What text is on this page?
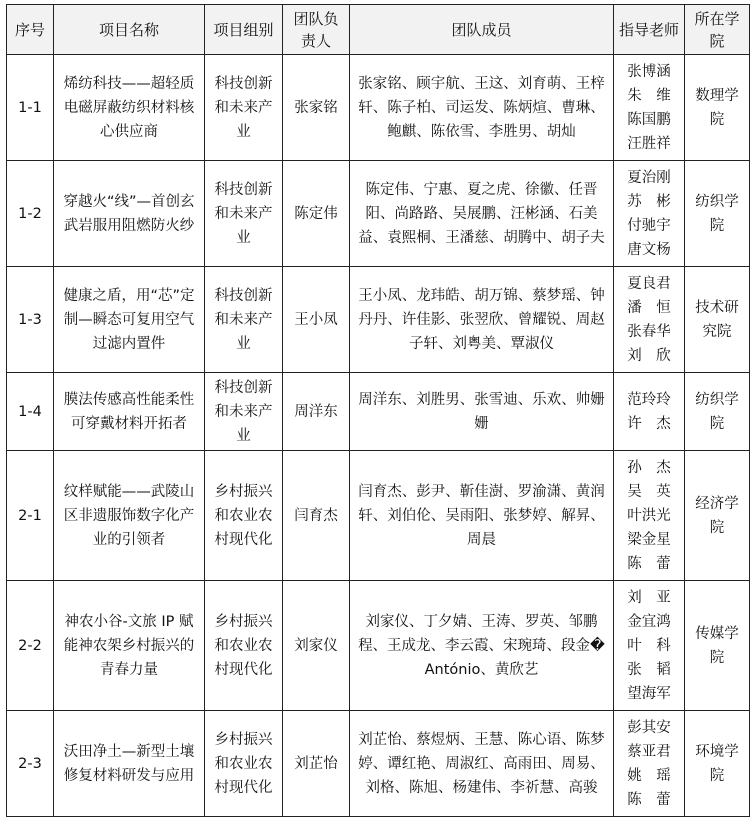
序号	项目名称	项目组别	团队负责人	团队成员	指导老师	所在学院
1-1	烯纺科技——超轻质电磁屏蔽纺织材料核心供应商	科技创新和未来产业	张家铭	张家铭、顾宇航、王这、刘育萌、王梓轩、陈子柏、司运发、陈炳煊、曹琳、鲍麒、陈依雪、李胜男、胡灿	张博涵
朱　维
陈国鹏
汪胜祥	数理学院
1-2	穿越火“线”—首创玄武岩服用阻燃防火纱	科技创新和未来产业	陈定伟	陈定伟、宁惠、夏之虎、徐徽、任晋阳、尚路路、吴展鹏、汪彬涵、石美益、袁熙桐、王潘慈、胡腾中、胡子夫	夏治刚
苏　彬
付驰宇
唐文杨	纺织学院
1-3	健康之盾，用“芯”定制—瞬态可复用空气过滤内置件	科技创新和未来产业	王小凤	王小凤、龙玮皓、胡万锦、蔡梦瑶、钟丹丹、许佳影、张翌欣、曾耀锐、周赵子轩、刘粤美、覃淑仪	夏良君
潘　恒
张春华
刘　欣	技术研究院
1-4	膜法传感高性能柔性可穿戴材料开拓者	科技创新和未来产业	周洋东	周洋东、刘胜男、张雪迪、乐欢、帅姗姗	范玲玲
许　杰	纺织学院
2-1	纹样赋能——武陵山区非遗服饰数字化产业的引领者	乡村振兴和农业农村现代化	闫育杰	闫育杰、彭尹、靳佳澍、罗渝潇、黄润轩、刘伯伦、吴雨阳、张梦婷、解昇、周晨	孙　杰
吴　英
叶洪光
梁金星
陈　蕾	经济学院
2-2	神农小谷-文旅 IP 赋能神农架乡村振兴的青春力量	乡村振兴和农业农村现代化	刘家仪	刘家仪、丁夕婧、王涛、罗英、邹鹏程、王成龙、李云霞、宋琬琦、段金�António、黄欣艺	刘　亚
金宜鸿
叶　科
张　韬
望海军	传媒学院
2-3	沃田净土—新型土壤修复材料研发与应用	乡村振兴和农业农村现代化	刘芷怡	刘芷怡、蔡煜炳、王慧、陈心语、陈梦婷、谭红艳、周淑红、高雨田、周易、刘格、陈旭、杨建伟、李祈慧、高骏	彭其安
蔡亚君
姚　瑶
陈　蕾	环境学院
